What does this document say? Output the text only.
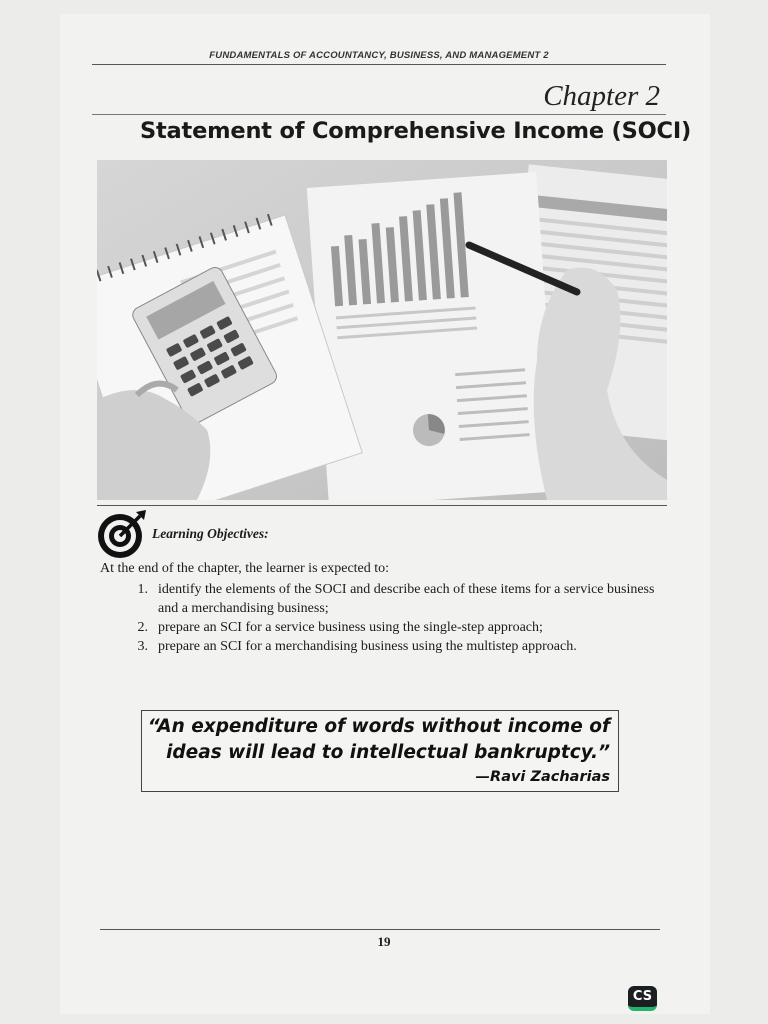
FUNDAMENTALS OF ACCOUNTANCY, BUSINESS, AND MANAGEMENT 2
Chapter 2
Statement of Comprehensive Income (SOCI)
Learning Objectives:
At the end of the chapter, the learner is expected to:
1. identify the elements of the SOCI and describe each of these items for a service business and a merchandising business;
2. prepare an SCI for a service business using the single-step approach;
3. prepare an SCI for a merchandising business using the multistep approach.
“An expenditure of words without income of
ideas will lead to intellectual bankruptcy.”
—Ravi Zacharias
19
CS
